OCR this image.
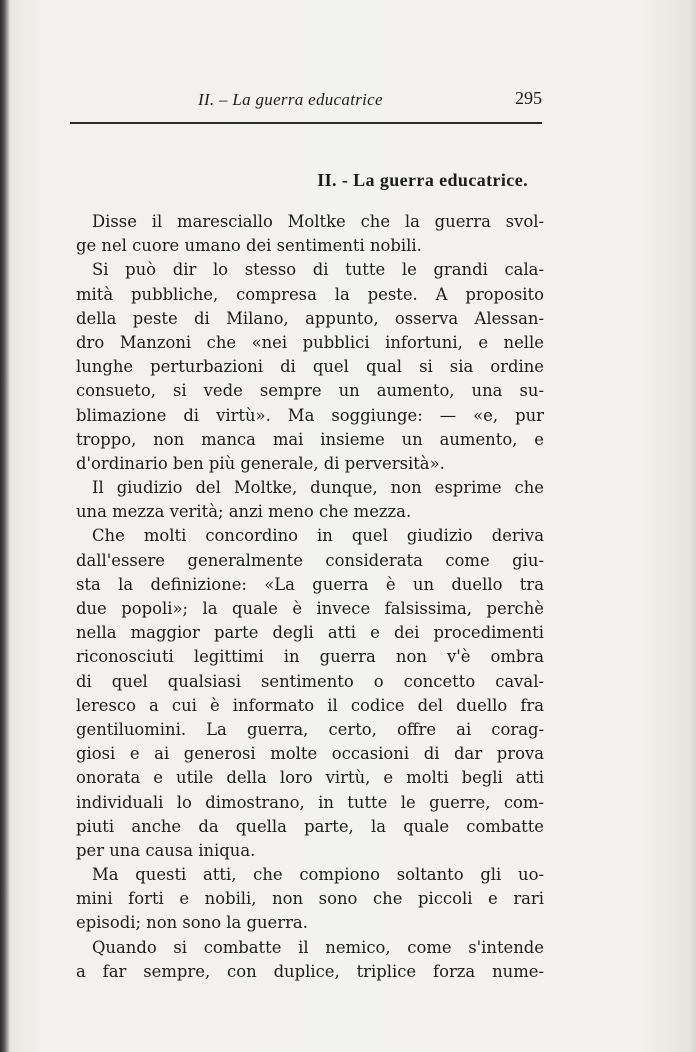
II. – La guerra educatrice	295
II. - La guerra educatrice.
Disse il maresciallo Moltke che la guerra svol-
ge nel cuore umano dei sentimenti nobili.
Si può dir lo stesso di tutte le grandi cala-
mità pubbliche, compresa la peste. A proposito
della peste di Milano, appunto, osserva Alessan-
dro Manzoni che «nei pubblici infortuni, e nelle
lunghe perturbazioni di quel qual si sia ordine
consueto, si vede sempre un aumento, una su-
blimazione di virtù». Ma soggiunge: — «e, pur
troppo, non manca mai insieme un aumento, e
d'ordinario ben più generale, di perversità».
Il giudizio del Moltke, dunque, non esprime che
una mezza verità; anzi meno che mezza.
Che molti concordino in quel giudizio deriva
dall'essere generalmente considerata come giu-
sta la definizione: «La guerra è un duello tra
due popoli»; la quale è invece falsissima, perchè
nella maggior parte degli atti e dei procedimenti
riconosciuti legittimi in guerra non v'è ombra
di quel qualsiasi sentimento o concetto caval-
leresco a cui è informato il codice del duello fra
gentiluomini. La guerra, certo, offre ai corag-
giosi e ai generosi molte occasioni di dar prova
onorata e utile della loro virtù, e molti begli atti
individuali lo dimostrano, in tutte le guerre, com-
piuti anche da quella parte, la quale combatte
per una causa iniqua.
Ma questi atti, che compiono soltanto gli uo-
mini forti e nobili, non sono che piccoli e rari
episodi; non sono la guerra.
Quando si combatte il nemico, come s'intende
a far sempre, con duplice, triplice forza nume-
